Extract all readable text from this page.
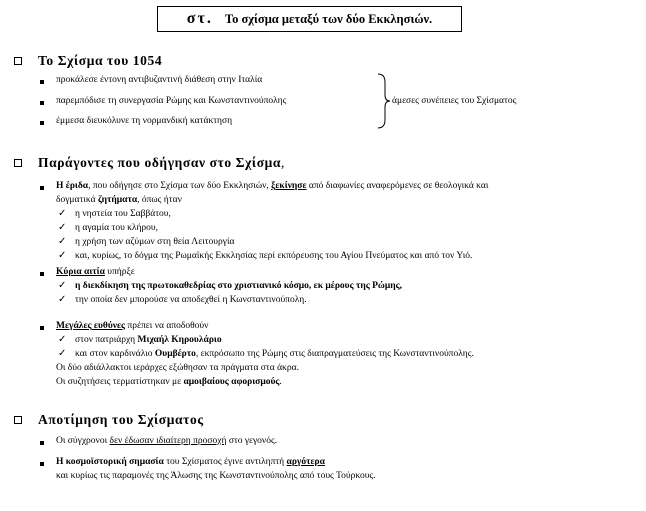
στ. Το σχίσμα μεταξύ των δύο Εκκλησιών.
Το Σχίσμα του 1054
προκάλεσε έντονη αντιβυζαντινή διάθεση στην Ιταλία
παρεμπόδισε τη συνεργασία Ρώμης και Κωνσταντινούπολης
έμμεσα διευκόλυνε τη νορμανδική κατάκτηση
άμεσες συνέπειες του Σχίσματος
Παράγοντες που οδήγησαν στο Σχίσμα,
Η έριδα, που οδήγησε στο Σχίσμα των δύο Εκκλησιών, ξεκίνησε από διαφωνίες αναφερόμενες σε θεολογικά και
δογματικά ζητήματα, όπως ήταν
✓ η νηστεία του Σαββάτου,
✓ η αγαμία του κλήρου,
✓ η χρήση των αζύμων στη θεία Λειτουργία
✓ και, κυρίως, το δόγμα της Ρωμαϊκής Εκκλησίας περί εκπόρευσης του Αγίου Πνεύματος και από τον Υιό.
Κύρια αιτία υπήρξε
✓ η διεκδίκηση της πρωτοκαθεδρίας στο χριστιανικό κόσμο, εκ μέρους της Ρώμης,
✓ την οποία δεν μπορούσε να αποδεχθεί η Κωνσταντινούπολη.
Μεγάλες ευθύνες πρέπει να αποδοθούν
✓ στον πατριάρχη Μιχαήλ Κηρουλάριο
✓ και στον καρδινάλιο Ουμβέρτο, εκπρόσωπο της Ρώμης στις διαπραγματεύσεις της Κωνσταντινούπολης.
Οι δύο αδιάλλακτοι ιεράρχες εξώθησαν τα πράγματα στα άκρα.
Οι συζητήσεις τερματίστηκαν με αμοιβαίους αφορισμούς.
Αποτίμηση του Σχίσματος
Οι σύγχρονοι δεν έδωσαν ιδιαίτερη προσοχή στο γεγονός.
Η κοσμοϊστορική σημασία του Σχίσματος έγινε αντιληπτή αργότερα
και κυρίως τις παραμονές της Άλωσης της Κωνσταντινούπολης από τους Τούρκους.
